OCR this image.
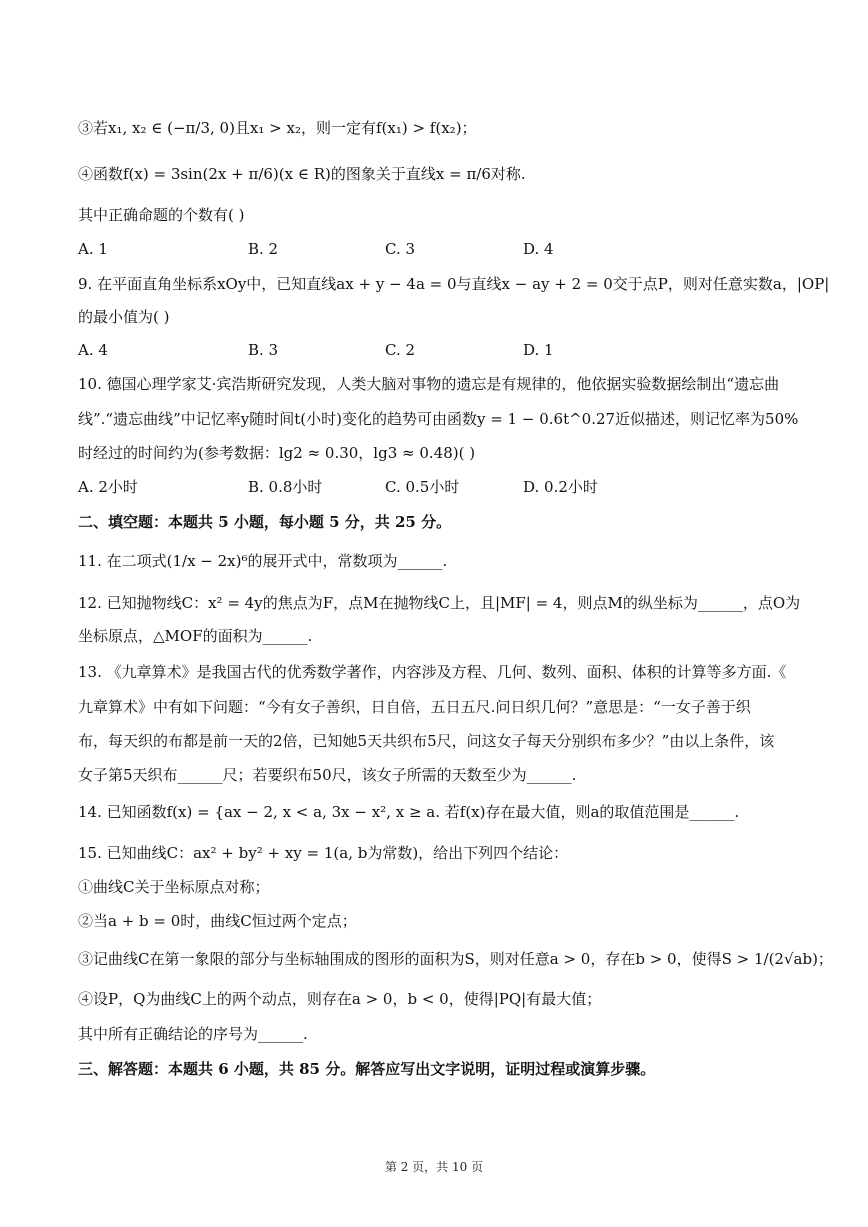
③若x₁, x₂ ∈ (−π/3, 0)且x₁ > x₂，则一定有f(x₁) > f(x₂)；
④函数f(x) = 3sin(2x + π/6)(x ∈ R)的图象关于直线x = π/6对称.
其中正确命题的个数有( )
A. 1	B. 2	C. 3	D. 4
9. 在平面直角坐标系xOy中，已知直线ax + y − 4a = 0与直线x − ay + 2 = 0交于点P，则对任意实数a，|OP|
的最小值为( )
A. 4	B. 3	C. 2	D. 1
10. 德国心理学家艾·宾浩斯研究发现，人类大脑对事物的遗忘是有规律的，他依据实验数据绘制出“遗忘曲
线”.“遗忘曲线”中记忆率y随时间t(小时)变化的趋势可由函数y = 1 − 0.6t^0.27近似描述，则记忆率为50%
时经过的时间约为(参考数据：lg2 ≈ 0.30，lg3 ≈ 0.48)( )
A. 2小时	B. 0.8小时	C. 0.5小时	D. 0.2小时
二、填空题：本题共 5 小题，每小题 5 分，共 25 分。
11. 在二项式(1/x − 2x)⁶的展开式中，常数项为______.
12. 已知抛物线C：x² = 4y的焦点为F，点M在抛物线C上，且|MF| = 4，则点M的纵坐标为______，点O为
坐标原点，△MOF的面积为______.
13. 《九章算术》是我国古代的优秀数学著作，内容涉及方程、几何、数列、面积、体积的计算等多方面.《
九章算术》中有如下问题：“今有女子善织，日自倍，五日五尺.问日织几何？”意思是：“一女子善于织
布，每天织的布都是前一天的2倍，已知她5天共织布5尺，问这女子每天分别织布多少？”由以上条件，该
女子第5天织布______尺；若要织布50尺，该女子所需的天数至少为______.
14. 已知函数f(x) = {ax − 2, x < a, 3x − x², x ≥ a. 若f(x)存在最大值，则a的取值范围是______.
15. 已知曲线C：ax² + by² + xy = 1(a, b为常数)，给出下列四个结论：
①曲线C关于坐标原点对称；
②当a + b = 0时，曲线C恒过两个定点；
③记曲线C在第一象限的部分与坐标轴围成的图形的面积为S，则对任意a > 0，存在b > 0，使得S > 1/(2√ab)；
④设P，Q为曲线C上的两个动点，则存在a > 0，b < 0，使得|PQ|有最大值；
其中所有正确结论的序号为______.
三、解答题：本题共 6 小题，共 85 分。解答应写出文字说明，证明过程或演算步骤。
第 2 页，共 10 页
